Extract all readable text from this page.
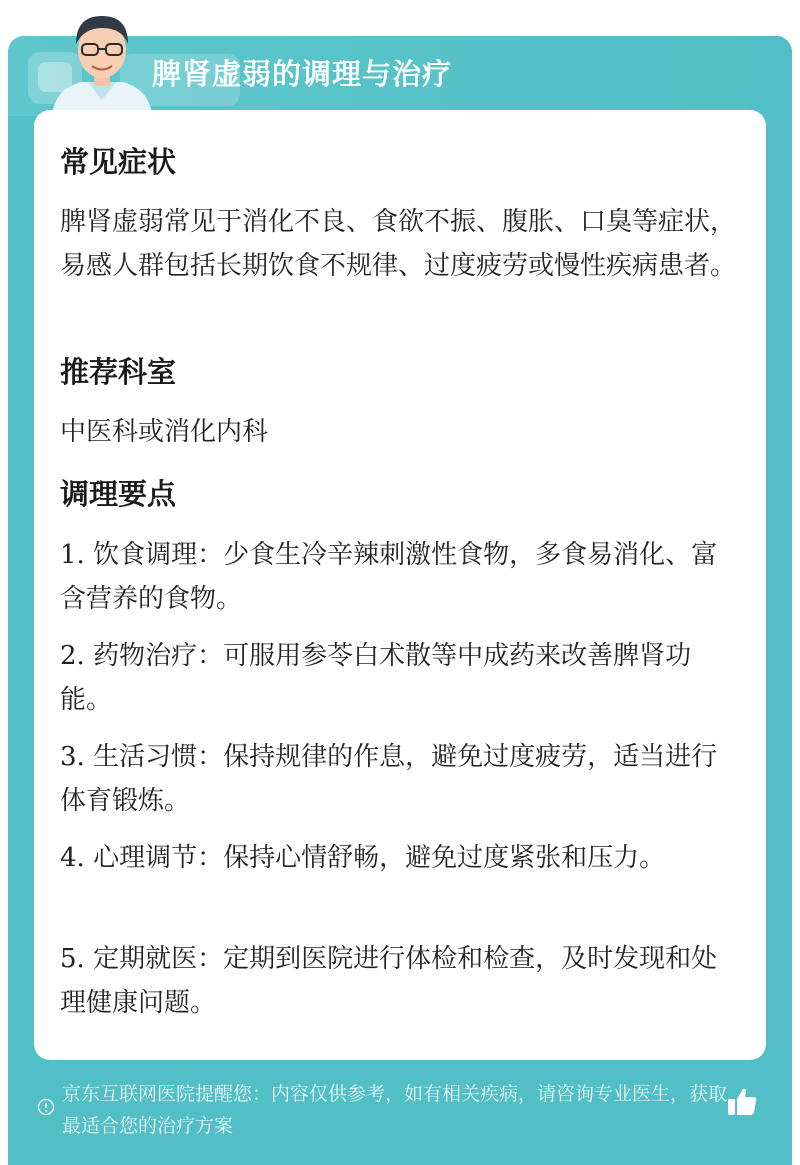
脾肾虚弱的调理与治疗
常见症状
脾肾虚弱常见于消化不良、食欲不振、腹胀、口臭等症状，易感人群包括长期饮食不规律、过度疲劳或慢性疾病患者。
推荐科室
中医科或消化内科
调理要点
1. 饮食调理：少食生冷辛辣刺激性食物，多食易消化、富含营养的食物。
2. 药物治疗：可服用参苓白术散等中成药来改善脾肾功能。
3. 生活习惯：保持规律的作息，避免过度疲劳，适当进行体育锻炼。
4. 心理调节：保持心情舒畅，避免过度紧张和压力。
5. 定期就医：定期到医院进行体检和检查，及时发现和处理健康问题。
京东互联网医院提醒您：内容仅供参考，如有相关疾病，请咨询专业医生，获取最适合您的治疗方案
